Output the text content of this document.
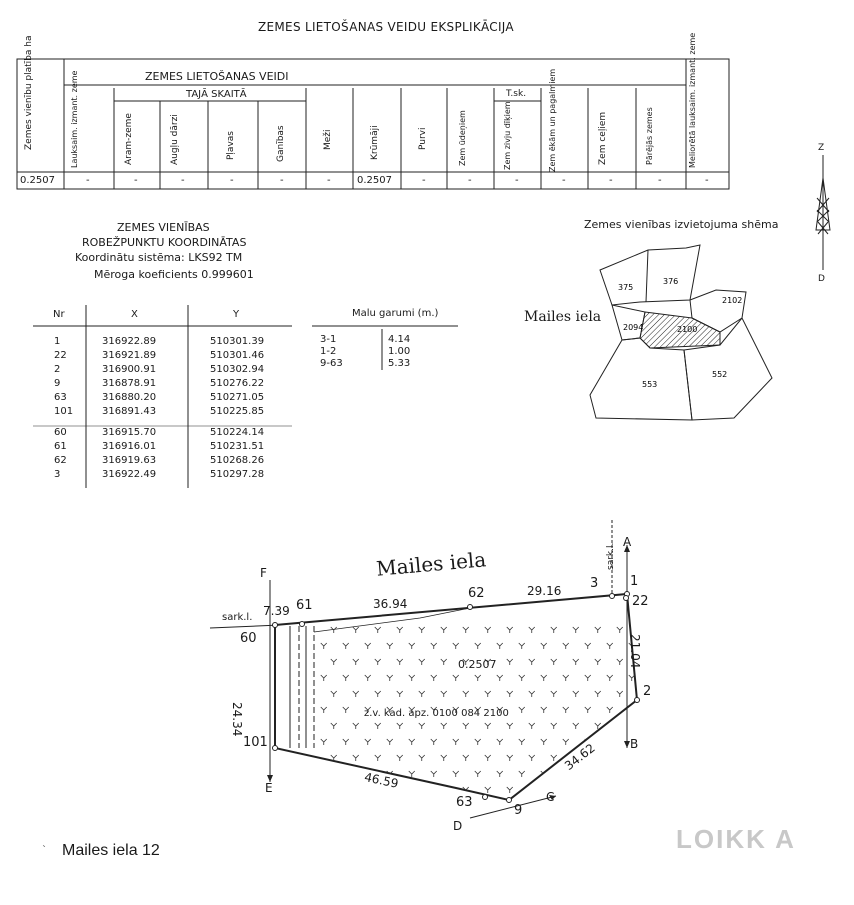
ZEMES LIETOŠANAS VEIDU EKSPLIKĀCIJA
ZEMES LIETOŠANAS VEIDI
TAJĀ SKAITĀ	T.sk.
Zemes vienību platība ha	Lauksaim. izmant. zeme	Aram-zeme	Augļu dārzi	Pļavas	Ganības	Meži	Krūmāji	Purvi	Zem ūdeņiem	Zem zivju dīķiem	Zem ēkām un pagalmiem	Zem ceļiem	Pārējās zemes	Meliorētā lauksaim. izmant. zeme
0.2507	-	-	-	-	-	-	0.2507	-	-	-	-	-	-	-
ZEMES VIENĪBAS
ROBEŽPUNKTU KOORDINĀTAS
Koordinātu sistēma: LKS92 TM
Mēroga koeficients 0.999601
Nr	X	Y
1	316922.89	510301.39
22	316921.89	510301.46
2	316900.91	510302.94
9	316878.91	510276.22
63	316880.20	510271.05
101	316891.43	510225.85
60	316915.70	510224.14
61	316916.01	510231.51
62	316919.63	510268.26
3	316922.49	510297.28
Malu garumi (m.)
3-1	4.14
1-2	1.00
9-63	5.33
Zemes vienības izvietojuma shēma
Mailes iela
375
376
2102
2094	2100
553
552
Z
D
Mailes iela
0.2507
z.v. kad. apz. 0100 084 2100
sark.l.
sark.l.
1
22
2
9
63
101
60
61
62
3
7.39	36.94
29.16
21.04
34.62
46.59
24.34
A
B
C
D
E
F
` Mailes iela 12	LOIKK A
